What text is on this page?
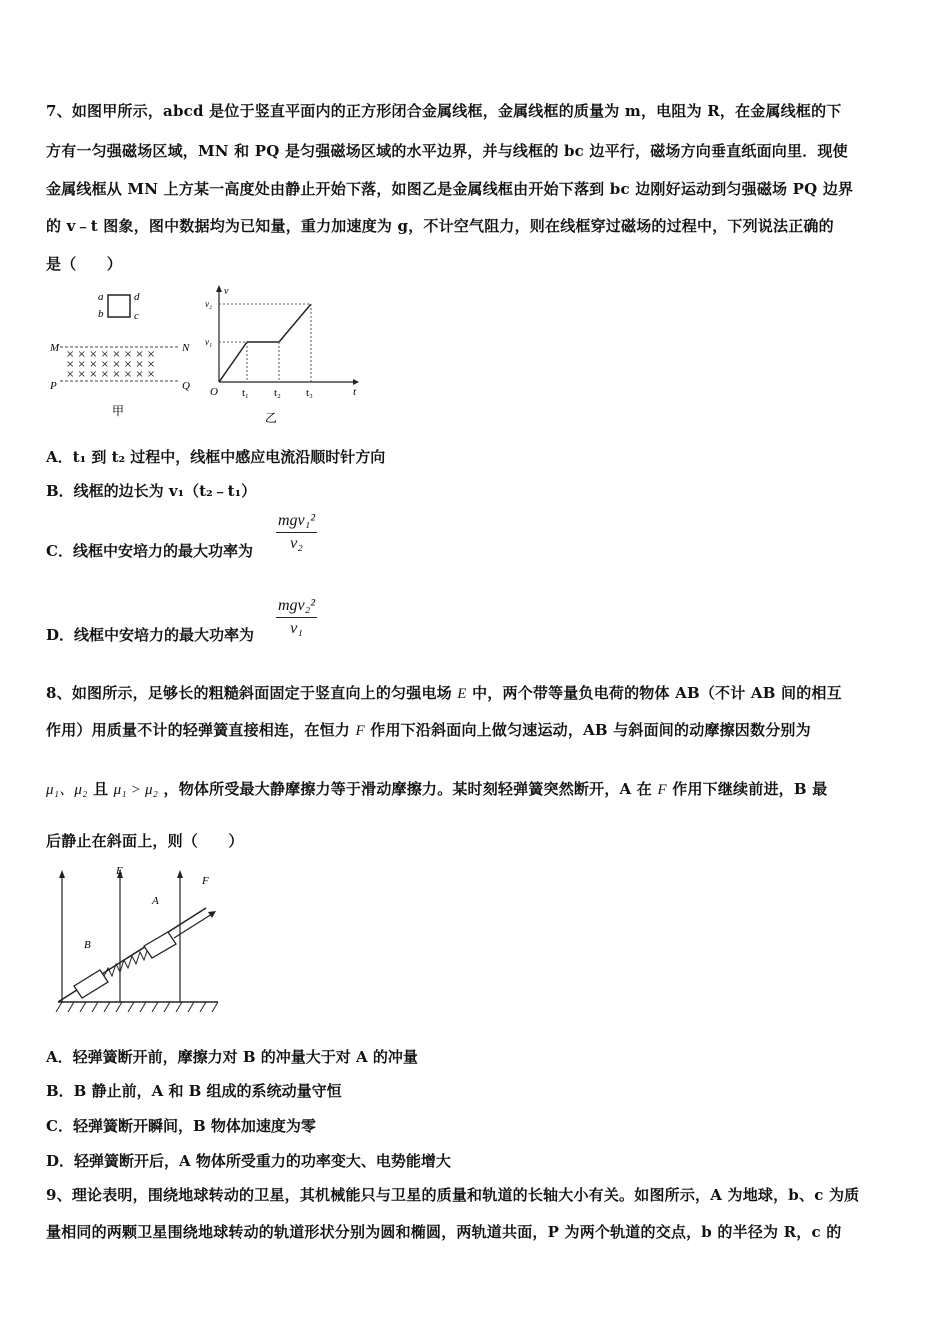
7、如图甲所示，abcd 是位于竖直平面内的正方形闭合金属线框，金属线框的质量为 m，电阻为 R，在金属线框的下
方有一匀强磁场区域，MN 和 PQ 是匀强磁场区域的水平边界，并与线框的 bc 边平行，磁场方向垂直纸面向里．现使
金属线框从 MN 上方某一高度处由静止开始下落，如图乙是金属线框由开始下落到 bc 边刚好运动到匀强磁场 PQ 边界
的 v﹣t 图象，图中数据均为已知量，重力加速度为 g，不计空气阻力，则在线框穿过磁场的过程中，下列说法正确的
是（　　）
a	d
b	c
M	N
P	Q
× × × × × × × ×
× × × × × × × ×
× × × × × × × ×
甲
v
v₂
v₁
O t₁ t₂ t₃	t
乙
A．t₁ 到 t₂ 过程中，线框中感应电流沿顺时针方向
B．线框的边长为 v₁（t₂﹣t₁）
C．线框中安培力的最大功率为
mgv₁²
v₂
D．线框中安培力的最大功率为
mgv₂²
v₁
8、如图所示，足够长的粗糙斜面固定于竖直向上的匀强电场 E 中，两个带等量负电荷的物体 AB（不计 AB 间的相互
作用）用质量不计的轻弹簧直接相连，在恒力 F 作用下沿斜面向上做匀速运动，AB 与斜面间的动摩擦因数分别为
μ₁、μ₂ 且 μ₁ > μ₂ ，物体所受最大静摩擦力等于滑动摩擦力。某时刻轻弹簧突然断开，A 在 F 作用下继续前进，B 最
后静止在斜面上，则（　　）
E
F
B
A
A．轻弹簧断开前，摩擦力对 B 的冲量大于对 A 的冲量
B．B 静止前，A 和 B 组成的系统动量守恒
C．轻弹簧断开瞬间，B 物体加速度为零
D．轻弹簧断开后，A 物体所受重力的功率变大、电势能增大
9、理论表明，围绕地球转动的卫星，其机械能只与卫星的质量和轨道的长轴大小有关。如图所示，A 为地球，b、c 为质
量相同的两颗卫星围绕地球转动的轨道形状分别为圆和椭圆，两轨道共面，P 为两个轨道的交点，b 的半径为 R，c 的
